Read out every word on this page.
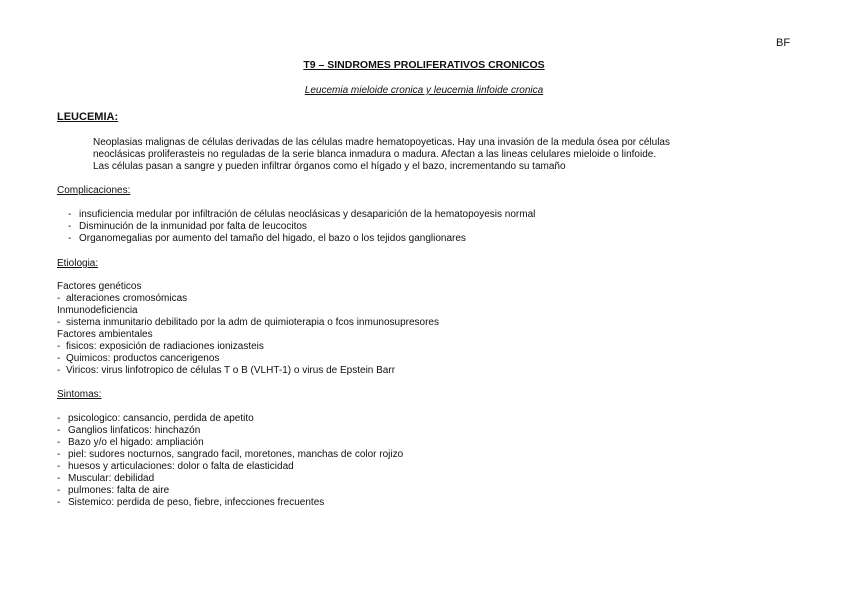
BF
T9 – SINDROMES PROLIFERATIVOS CRONICOS
Leucemia mieloide cronica y leucemia linfoide cronica
LEUCEMIA:
Neoplasias malignas de células derivadas de las células madre hematopoyeticas. Hay una invasión de la medula ósea por células
neoclásicas proliferasteis no reguladas de la serie blanca inmadura o madura. Afectan a las lineas celulares mieloide o linfoide.
Las células pasan a sangre y pueden infiltrar órganos como el hígado y el bazo, incrementando su tamaño
Complicaciones:
- insuficiencia medular por infiltración de células neoclásicas y desaparición de la hematopoyesis normal
- Disminución de la inmunidad por falta de leucocitos
- Organomegalias por aumento del tamaño del higado, el bazo o los tejidos ganglionares
Etiologia:
Factores genéticos
- alteraciones cromosómicas
Inmunodeficiencia
- sistema inmunitario debilitado por la adm de quimioterapia o fcos inmunosupresores
Factores ambientales
- fisicos: exposición de radiaciones ionizasteis
- Quimicos: productos cancerigenos
- Viricos: virus linfotropico de células T o B (VLHT-1) o virus de Epstein Barr
Sintomas:
- psicologico: cansancio, perdida de apetito
- Ganglios linfaticos: hinchazón
- Bazo y/o el higado: ampliación
- piel: sudores nocturnos, sangrado facil, moretones, manchas de color rojizo
- huesos y articulaciones: dolor o falta de elasticidad
- Muscular: debilidad
- pulmones: falta de aire
- Sistemico: perdida de peso, fiebre, infecciones frecuentes
